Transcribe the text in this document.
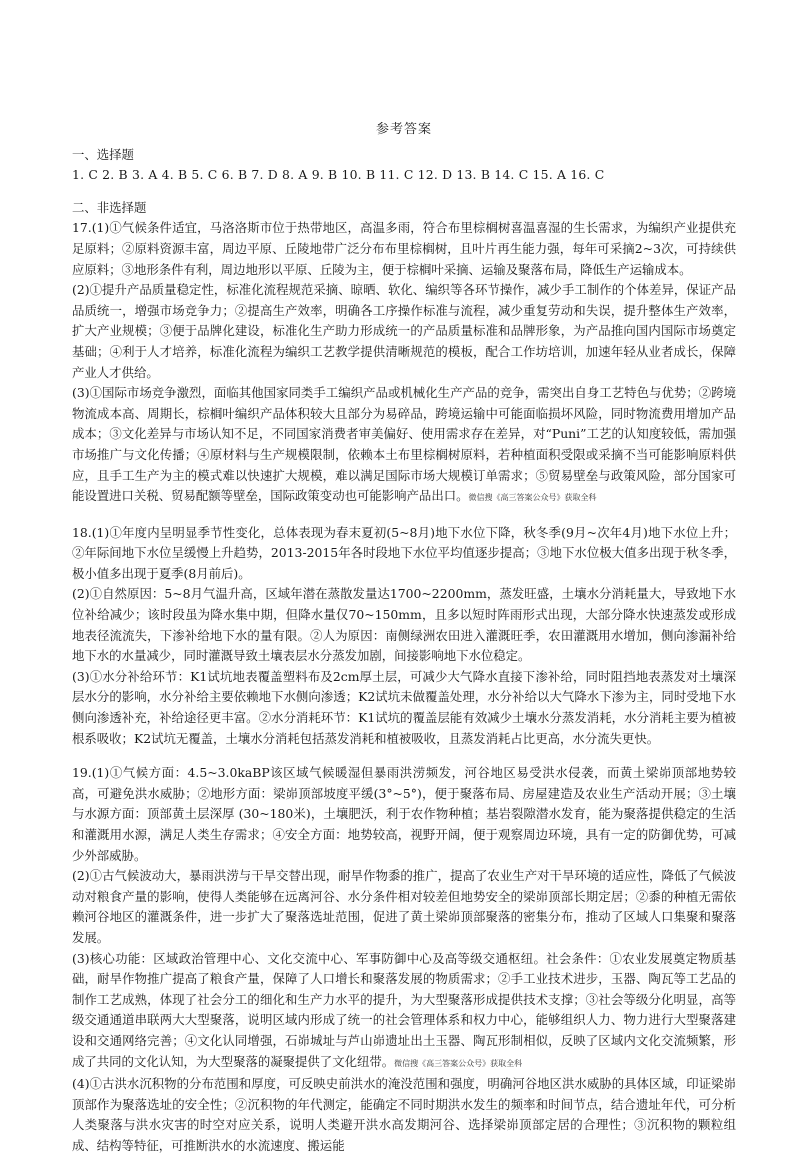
参考答案
一、选择题
1. C 2. B 3. A 4. B 5. C 6. B 7. D 8. A 9. B 10. B 11. C 12. D 13. B 14. C 15. A 16. C
二、非选择题

17.(1)①气候条件适宜，马洛洛斯市位于热带地区，高温多雨，符合布里棕榈树喜温喜湿的生长需求，为编织产业提供充足原料；②原料资源丰富，周边平原、丘陵地带广泛分布布里棕榈树，且叶片再生能力强，每年可采摘2~3次，可持续供应原料；③地形条件有利，周边地形以平原、丘陵为主，便于棕榈叶采摘、运输及聚落布局，降低生产运输成本。

(2)①提升产品质量稳定性，标准化流程规范采摘、晾晒、软化、编织等各环节操作，减少手工制作的个体差异，保证产品品质统一，增强市场竞争力；②提高生产效率，明确各工序操作标准与流程，减少重复劳动和失误，提升整体生产效率，扩大产业规模；③便于品牌化建设，标准化生产助力形成统一的产品质量标准和品牌形象，为产品推向国内国际市场奠定基础；④利于人才培养，标准化流程为编织工艺教学提供清晰规范的模板，配合工作坊培训，加速年轻从业者成长，保障产业人才供给。

(3)①国际市场竞争激烈，面临其他国家同类手工编织产品或机械化生产产品的竞争，需突出自身工艺特色与优势；②跨境物流成本高、周期长，棕榈叶编织产品体积较大且部分为易碎品，跨境运输中可能面临损坏风险，同时物流费用增加产品成本；③文化差异与市场认知不足，不同国家消费者审美偏好、使用需求存在差异，对“Puni”工艺的认知度较低，需加强市场推广与文化传播；④原材料与生产规模限制，依赖本土布里棕榈树原料，若种植面积受限或采摘不当可能影响原料供应，且手工生产为主的模式难以快速扩大规模，难以满足国际市场大规模订单需求；⑤贸易壁垒与政策风险，部分国家可能设置进口关税、贸易配额等壁垒，国际政策变动也可能影响产品出口。微信搜《高三答案公众号》获取全科

18.(1)①年度内呈明显季节性变化，总体表现为春末夏初(5~8月)地下水位下降，秋冬季(9月~次年4月)地下水位上升；②年际间地下水位呈缓慢上升趋势，2013-2015年各时段地下水位平均值逐步提高；③地下水位极大值多出现于秋冬季，极小值多出现于夏季(8月前后)。

(2)①自然原因：5~8月气温升高，区域年潜在蒸散发量达1700~2200mm，蒸发旺盛，土壤水分消耗量大，导致地下水位补给减少；该时段虽为降水集中期，但降水量仅70~150mm，且多以短时阵雨形式出现，大部分降水快速蒸发或形成地表径流流失，下渗补给地下水的量有限。②人为原因：南侧绿洲农田进入灌溉旺季，农田灌溉用水增加，侧向渗漏补给地下水的水量减少，同时灌溉导致土壤表层水分蒸发加剧，间接影响地下水位稳定。

(3)①水分补给环节：K1试坑地表覆盖塑料布及2cm厚土层，可减少大气降水直接下渗补给，同时阻挡地表蒸发对土壤深层水分的影响，水分补给主要依赖地下水侧向渗透；K2试坑未做覆盖处理，水分补给以大气降水下渗为主，同时受地下水侧向渗透补充，补给途径更丰富。②水分消耗环节：K1试坑的覆盖层能有效减少土壤水分蒸发消耗，水分消耗主要为植被根系吸收；K2试坑无覆盖，土壤水分消耗包括蒸发消耗和植被吸收，且蒸发消耗占比更高，水分流失更快。

19.(1)①气候方面：4.5~3.0kaBP该区域气候暖湿但暴雨洪涝频发，河谷地区易受洪水侵袭，而黄土梁峁顶部地势较高，可避免洪水威胁；②地形方面：梁峁顶部坡度平缓(3°~5°)，便于聚落布局、房屋建造及农业生产活动开展；③土壤与水源方面：顶部黄土层深厚 (30~180米)，土壤肥沃，利于农作物种植；基岩裂隙潜水发育，能为聚落提供稳定的生活和灌溉用水源，满足人类生存需求；④安全方面：地势较高，视野开阔，便于观察周边环境，具有一定的防御优势，可减少外部威胁。

(2)①古气候波动大，暴雨洪涝与干旱交替出现，耐旱作物黍的推广，提高了农业生产对干旱环境的适应性，降低了气候波动对粮食产量的影响，使得人类能够在远离河谷、水分条件相对较差但地势安全的梁峁顶部长期定居；②黍的种植无需依赖河谷地区的灌溉条件，进一步扩大了聚落选址范围，促进了黄土梁峁顶部聚落的密集分布，推动了区域人口集聚和聚落发展。

(3)核心功能：区域政治管理中心、文化交流中心、军事防御中心及高等级交通枢纽。社会条件：①农业发展奠定物质基础，耐旱作物推广提高了粮食产量，保障了人口增长和聚落发展的物质需求；②手工业技术进步，玉器、陶瓦等工艺品的制作工艺成熟，体现了社会分工的细化和生产力水平的提升，为大型聚落形成提供技术支撑；③社会等级分化明显，高等级交通通道串联两大大型聚落，说明区域内形成了统一的社会管理体系和权力中心，能够组织人力、物力进行大型聚落建设和交通网络完善；④文化认同增强，石峁城址与芦山峁遗址出土玉器、陶瓦形制相似，反映了区域内文化交流频繁，形成了共同的文化认知，为大型聚落的凝聚提供了文化纽带。微信搜《高三答案公众号》获取全科

(4)①古洪水沉积物的分布范围和厚度，可反映史前洪水的淹没范围和强度，明确河谷地区洪水威胁的具体区域，印证梁峁顶部作为聚落选址的安全性；②沉积物的年代测定，能确定不同时期洪水发生的频率和时间节点，结合遗址年代，可分析人类聚落与洪水灾害的时空对应关系，说明人类避开洪水高发期河谷、选择梁峁顶部定居的合理性；③沉积物的颗粒组成、结构等特征，可推断洪水的水流速度、搬运能
